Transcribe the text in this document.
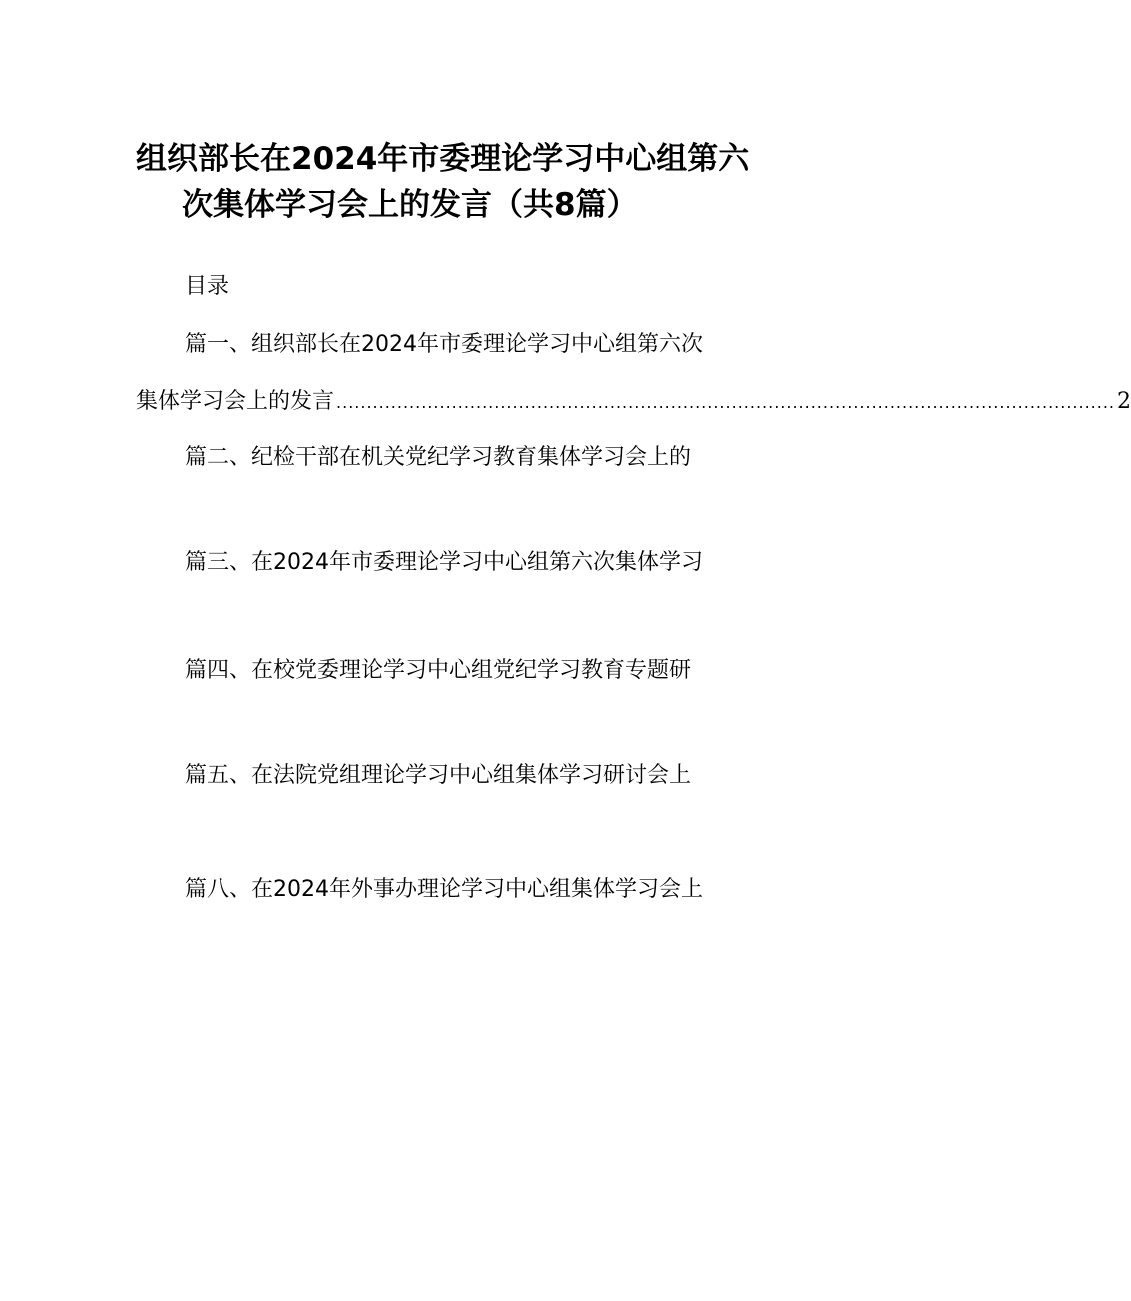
组织部长在2024年市委理论学习中心组第六
次集体学习会上的发言（共8篇）
目录
篇一、组织部长在2024年市委理论学习中心组第六次
集体学习会上的发言 ................................................................................................................................ 2
篇二、纪检干部在机关党纪学习教育集体学习会上的
篇三、在2024年市委理论学习中心组第六次集体学习
篇四、在校党委理论学习中心组党纪学习教育专题研
篇五、在法院党组理论学习中心组集体学习研讨会上
篇八、在2024年外事办理论学习中心组集体学习会上
